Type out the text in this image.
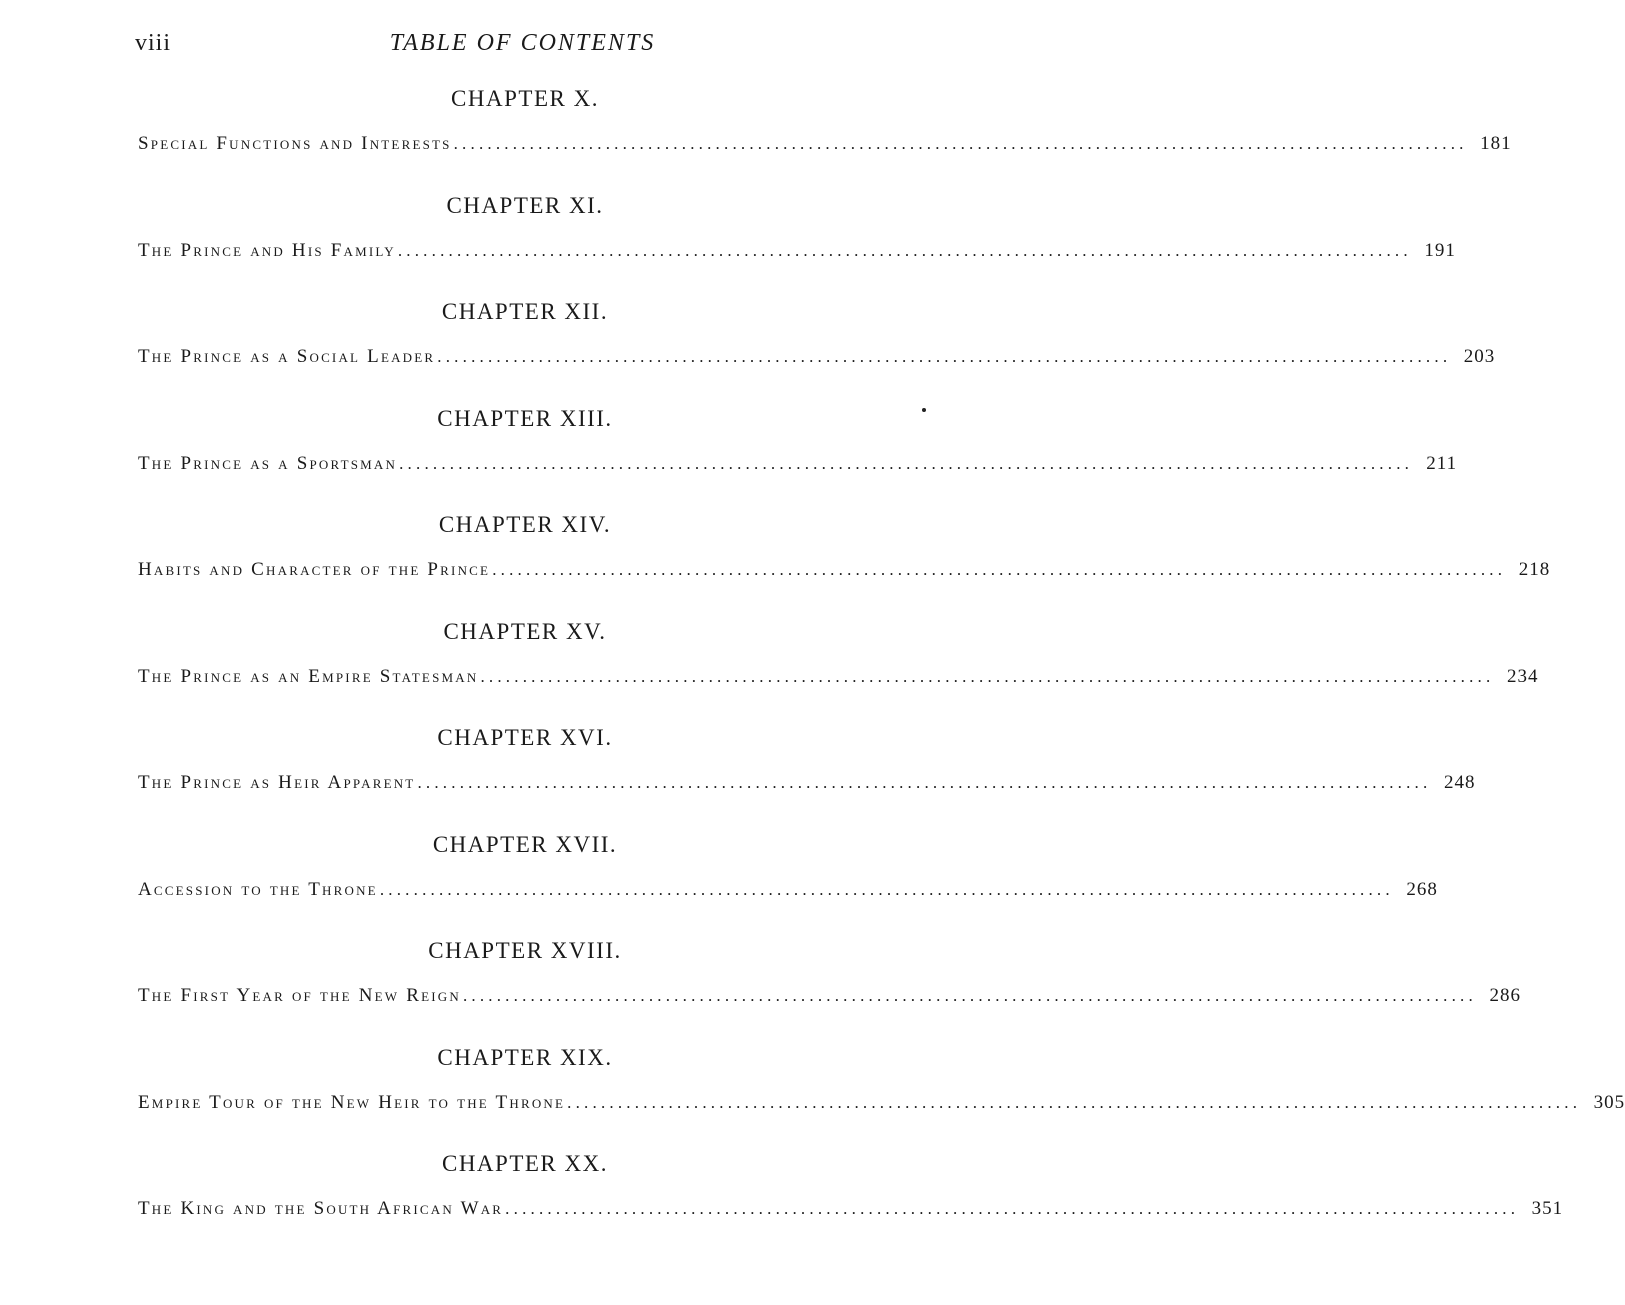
viii	TABLE OF CONTENTS
CHAPTER X.
Special Functions and Interests ........................................................................................................................ 181
CHAPTER XI.
The Prince and His Family ........................................................................................................................ 191
CHAPTER XII.
The Prince as a Social Leader ........................................................................................................................ 203
CHAPTER XIII.
The Prince as a Sportsman ........................................................................................................................ 211
CHAPTER XIV.
Habits and Character of the Prince ........................................................................................................................ 218
CHAPTER XV.
The Prince as an Empire Statesman ........................................................................................................................ 234
CHAPTER XVI.
The Prince as Heir Apparent ........................................................................................................................ 248
CHAPTER XVII.
Accession to the Throne ........................................................................................................................ 268
CHAPTER XVIII.
The First Year of the New Reign ........................................................................................................................ 286
CHAPTER XIX.
Empire Tour of the New Heir to the Throne ........................................................................................................................ 305
CHAPTER XX.
The King and the South African War ........................................................................................................................ 351
